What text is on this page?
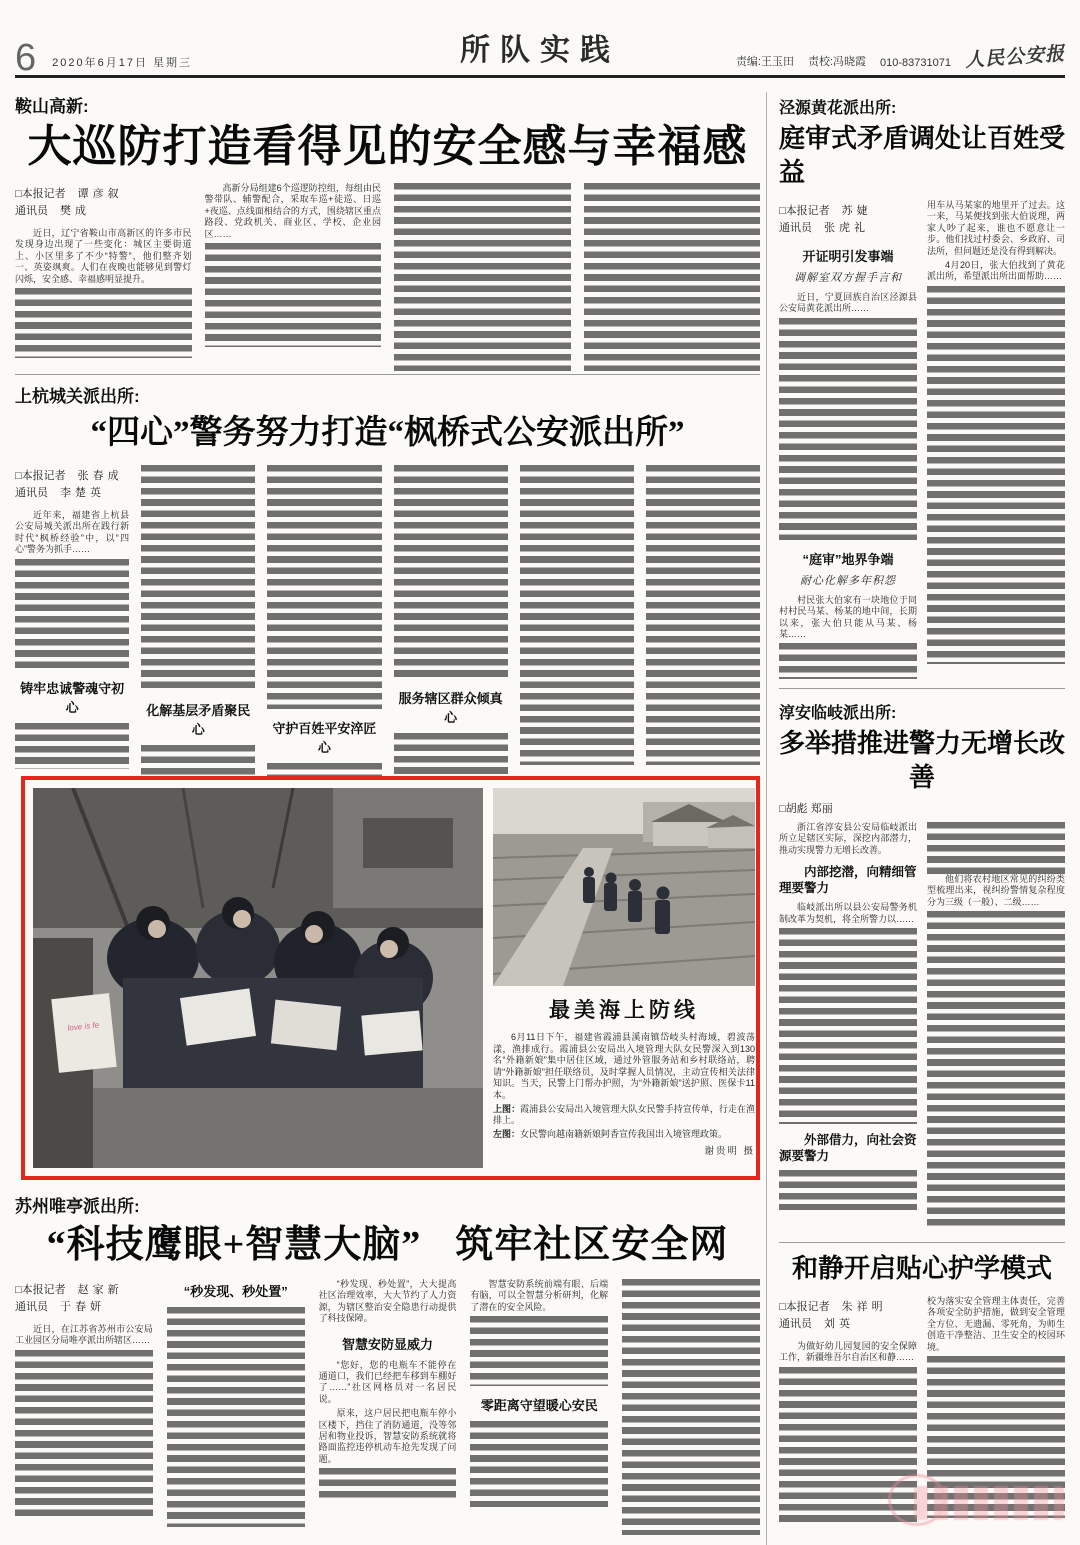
6 2020年6月17日 星期三	所队实践	责编:王玉田 责校:冯晓霞 010-83731071 人民公安报
鞍山高新:
大巡防打造看得见的安全感与幸福感
□本报记者 谭彦叙
通讯员 樊成

近日，辽宁省鞍山市高新区的许多市民发现身边出现了一些变化：城区主要街道上、小区里多了不少“特警”，他们整齐划一、英姿飒爽。人们在夜晚也能够见到警灯闪烁，安全感、幸福感明显提升。

高新分局组建6个巡逻防控组，每组由民警带队、辅警配合，采取车巡+徒巡、日巡+夜巡、点线面相结合的方式，围绕辖区重点路段、党政机关、商业区、学校、企业园区……

上杭城关派出所:
“四心”警务努力打造“枫桥式公安派出所”
□本报记者 张春成
通讯员 李楚英

近年来，福建省上杭县公安局城关派出所在践行新时代“枫桥经验”中，以“四心”警务为抓手……

铸牢忠诚警魂守初心	化解基层矛盾聚民心	守护百姓平安淬匠心
服务辖区群众倾真心
love is fe
最美海上防线

6月11日下午，福建省霞浦县溪南镇岱岐头村海域，碧波荡漾，渔排成行。霞浦县公安局出入境管理大队女民警深入到130名“外籍新娘”集中居住区域，通过外管服务站和乡村联络站，聘请“外籍新娘”担任联络员，及时掌握人员情况，主动宣传相关法律知识。当天，民警上门帮办护照，为“外籍新娘”送护照、医保卡11本。

上图：霞浦县公安局出入境管理大队女民警手持宣传单，行走在渔排上。

左图：女民警向越南籍新娘阿香宣传我国出入境管理政策。

谢贵明 摄
苏州唯亭派出所:
“科技鹰眼+智慧大脑” 筑牢社区安全网
□本报记者 赵家新
通讯员 于春妍

近日，在江苏省苏州市公安局工业园区分局唯亭派出所辖区……

“秒发现、秒处置”	“秒发现、秒处置”，大大提高社区治理效率，大大节约了人力资源，为辖区整治安全隐患行动提供了科技保障。

智慧安防显威力

“您好，您的电瓶车不能停在通道口，我们已经把车移到车棚好了……”社区网格员对一名居民说。

原来，这户居民把电瓶车停小区楼下，挡住了消防通道，没等邻居和物业投诉，智慧安防系统就将路面监控违停机动车抢先发现了问题。

智慧安防系统前端有眼、后端有脑，可以全智慧分析研判，化解了潜在的安全风险。

零距离守望暖心安民
泾源黄花派出所:
庭审式矛盾调处让百姓受益
□本报记者 苏婕
通讯员 张虎礼
开证明引发事端
调解室双方握手言和

近日，宁夏回族自治区泾源县公安局黄花派出所……

“庭审”地界争端
耐心化解多年积怨

村民张大伯家有一块地位于同村村民马某、杨某的地中间，长期以来，张大伯只能从马某、杨某……

用车从马某家的地里开了过去。这一来，马某便找到张大伯说理，两家人吵了起来，谁也不愿意让一步。他们找过村委会、乡政府、司法所，但问题还是没有得到解决。

4月20日，张大伯找到了黄花派出所，希望派出所出面帮助……

淳安临岐派出所:
多举措推进警力无增长改善
□胡彪 郑丽

浙江省淳安县公安局临岐派出所立足辖区实际，深挖内部潜力，推动实现警力无增长改善。

内部挖潜，向精细管理要警力

临岐派出所以县公安局警务机制改革为契机，将全所警力以……

外部借力，向社会资源要警力

他们将农村地区常见的纠纷类型梳理出来，视纠纷警情复杂程度分为三级（一般）、二级……

和静开启贴心护学模式
□本报记者 朱祥明
通讯员 刘英

为做好幼儿园复园的安全保障工作，新疆维吾尔自治区和静……

校为落实安全管理主体责任，完善各项安全防护措施，做到安全管理全方位、无遗漏、零死角，为师生创造干净整洁、卫生安全的校园环境。
